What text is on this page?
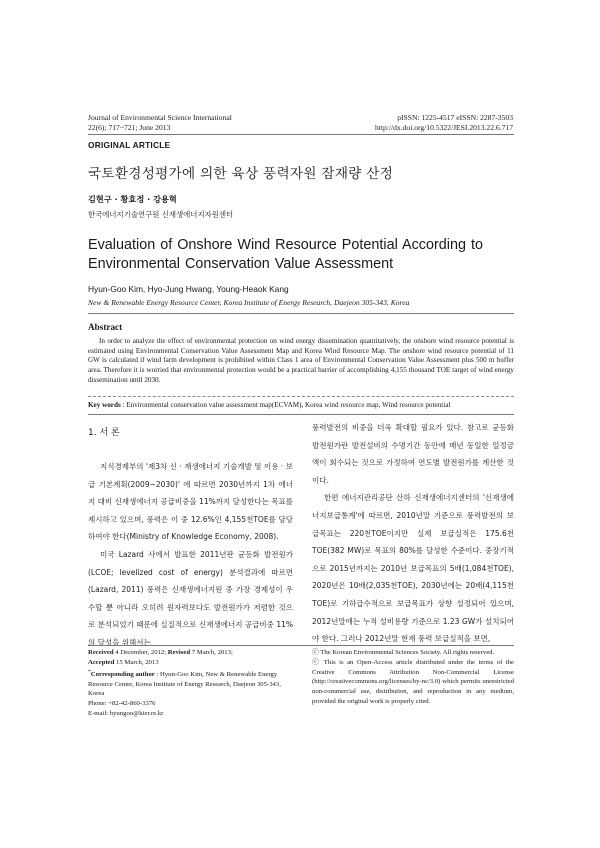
Journal of Environmental Science International
22(6); 717~721; June 2013
pISSN: 1225-4517 eISSN: 2287-3503
http://dx.doi.org/10.5322/JESI.2013.22.6.717
ORIGINAL ARTICLE
국토환경성평가에 의한 육상 풍력자원 잠재량 산정
김현구 · 황효정 · 강용혁
한국에너지기술연구원 신재생에너지자원센터
Evaluation of Onshore Wind Resource Potential According to
Environmental Conservation Value Assessment
Hyun-Goo Kim, Hyo-Jung Hwang, Young-Heaok Kang
New & Renewable Energy Resource Center, Korea Institute of Energy Research, Daejeon 305-343, Korea
Abstract
In order to analyze the effect of environmental protection on wind energy dissemination quantitatively, the onshore wind resource potential is estimated using Environmental Conservation Value Assessment Map and Korea Wind Resource Map. The onshore wind resource potential of 11 GW is calculated if wind farm development is prohibited within Class 1 area of Environmental Conservation Value Assessment plus 500 m buffer area. Therefore it is worried that environmental protection would be a practical barrier of accomplishing 4,155 thousand TOE target of wind energy dissemination until 2030.
Key words : Environmental conservation value assessment map(ECVAM), Korea wind resource map, Wind resource potential
1. 서 론

지식경제부의 '제3차 신 · 재생에너지 기술개발 및 이용 · 보급 기본계획(2009~2030)' 에 따르면 2030년까지 1차 에너지 대비 신재생에너지 공급비중을 11%까지 달성한다는 목표를 제시하고 있으며, 풍력은 이 중 12.6%인 4,155천TOE를 담당하여야 한다(Ministry of Knowledge Economy, 2008).

미국 Lazard 사에서 발표한 2011년판 균등화 발전원가(LCOE; levelized cost of energy) 분석결과에 따르면(Lazard, 2011) 풍력은 신재생에너지원 중 가장 경제성이 우수할 뿐 아니라 오히려 원자력보다도 발전원가가 저렴한 것으로 분석되었기 때문에 실질적으로 신재생에너지 공급비중 11%의 달성을 위해서는

풍력발전의 비중을 더욱 확대할 필요가 있다. 참고로 균등화 발전원가란 발전설비의 수명기간 동안에 매년 동일한 일정금액이 회수되는 것으로 가정하여 연도별 발전원가를 계산한 것이다.

한편 에너지관리공단 산하 신재생에너지센터의 '신재생에너지보급통계'에 따르면, 2010년말 기준으로 풍력발전의 보급목표는 220천TOE이지만 실제 보급실적은 175.6천TOE(382 MW)로 목표의 80%를 달성한 수준이다. 중장기적으로 2015년까지는 2010년 보급목표의 5배(1,084천TOE), 2020년은 10배(2,035천TOE), 2030년에는 20배(4,115천TOE)로 기하급수적으로 보급목표가 상향 설정되어 있으며, 2012년말에는 누적 설비용량 기준으로 1.23 GW가 설치되어야 한다. 그러나 2012년말 현재 풍력 보급실적을 보면,

Received 4 December, 2012; Revised 7 March, 2013;
Accepted 15 March, 2013
*Corresponding author : Hyun-Goo Kim, New & Renewable Energy Resource Center, Korea Institute of Energy Research, Daejeon 305-343, Korea
Phone: +82-42-860-3376
E-mail: hyungoo@kier.re.kr
ⓒ The Korean Environmental Sciences Society. All rights reserved.
ⓒ This is an Open-Access article distributed under the terms of the Creative Commons Attribution Non-Commercial License (http://creativecommons.org/licenses/by-nc/3.0) which permits unrestricted non-commercial use, distribution, and reproduction in any medium, provided the original work is properly cited.
